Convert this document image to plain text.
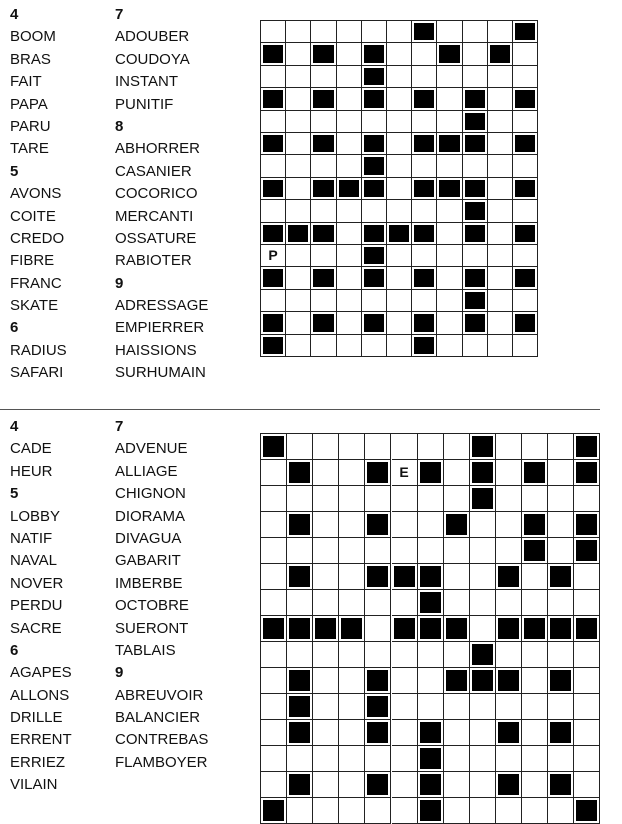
4
BOOM
BRAS
FAIT
PAPA
PARU
TARE
5
AVONS
COITE
CREDO
FIBRE
FRANC
SKATE
6
RADIUS
SAFARI
7
ADOUBER
COUDOYA
INSTANT
PUNITIF
8
ABHORRER
CASANIER
COCORICO
MERCANTI
OSSATURE
RABIOTER
9
ADRESSAGE
EMPIERRER
HAISSIONS
SURHUMAIN
P
4
CADE
HEUR
5
LOBBY
NATIF
NAVAL
NOVER
PERDU
SACRE
6
AGAPES
ALLONS
DRILLE
ERRENT
ERRIEZ
VILAIN
7
ADVENUE
ALLIAGE
CHIGNON
DIORAMA
DIVAGUA
GABARIT
IMBERBE
OCTOBRE
SUERONT
TABLAIS
9
ABREUVOIR
BALANCIER
CONTREBAS
FLAMBOYER
E
